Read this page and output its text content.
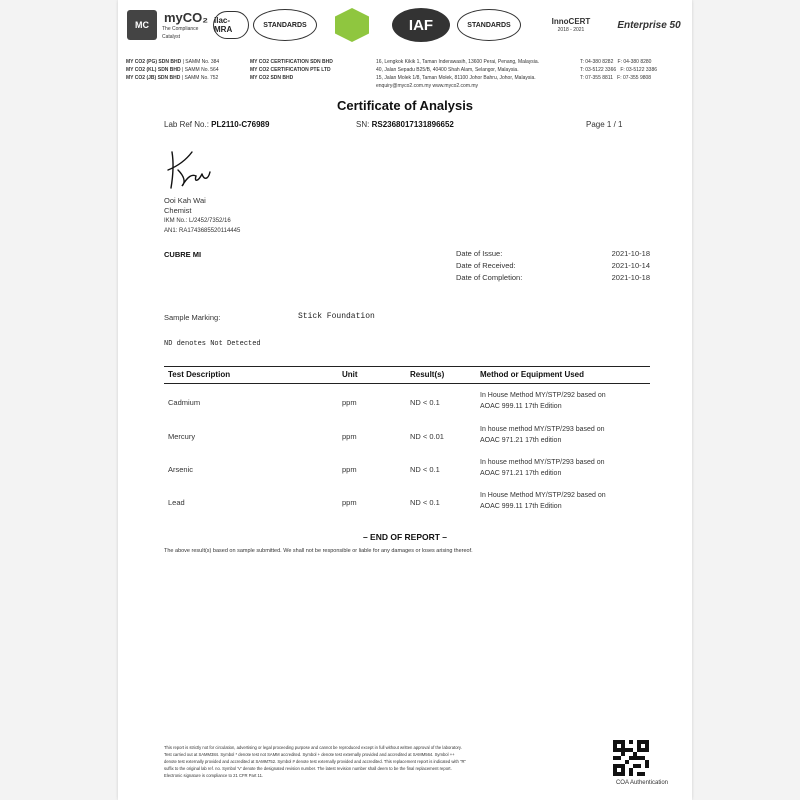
MC
myCO₂
The Compliance Catalyst
ilac-MRA	STANDARDS	IAF	STANDARDS	InnoCERT
2018 - 2021	Enterprise 50
MY CO2 (PG) SDN BHD | SAMM No. 384
MY CO2 (KL) SDN BHD | SAMM No. 564
MY CO2 (JB) SDN BHD | SAMM No. 752
MY CO2 CERTIFICATION SDN BHD
MY CO2 CERTIFICATION PTE LTD
MY CO2 SDN BHD
16, Lengkok Kikik 1, Taman Inderawasih, 13600 Perai, Penang, Malaysia.
40, Jalan Sepadu B25/B, 40400 Shah Alam, Selangor, Malaysia.
15, Jalan Molek 1/8, Taman Molek, 81100 Johor Bahru, Johor, Malaysia.
enquiry@myco2.com.my www.myco2.com.my
T: 04-380 8282 F: 04-380 8280
T: 03-5122 3366 F: 03-5122 3386
T: 07-355 8811 F: 07-355 9808
Certificate of Analysis
Lab Ref No.: PL2110-C76989	SN: RS2368017131896652	Page 1 / 1
Ooi Kah Wai
Chemist
IKM No.: L/2452/7352/16
AN1: RA1743685520114445
CUBRE MI	Date of Issue:	2021-10-18
Date of Received:	2021-10-14
Date of Completion:	2021-10-18
Sample Marking:	Stick Foundation
ND denotes Not Detected
Test Description	Unit	Result(s)	Method or Equipment Used
Cadmium	ppm	ND < 0.1
In House Method MY/STP/292 based on
AOAC 999.11 17th Edition
Mercury	ppm	ND < 0.01
In house method MY/STP/293 based on
AOAC 971.21 17th edition
Arsenic	ppm	ND < 0.1
In house method MY/STP/293 based on
AOAC 971.21 17th edition
Lead	ppm	ND < 0.1
In House Method MY/STP/292 based on
AOAC 999.11 17th Edition
– END OF REPORT –
The above result(s) based on sample submitted. We shall not be responsible or liable for any damages or loses arising thereof.
This report is strictly not for circulation, advertising or legal proceeding purpose and cannot be reproduced except in full without written approval of the laboratory.
Test carried out at SAMM384. Symbol * denote test not SAMM accredited. Symbol + denote test externally provided and accredited at SAMM564. Symbol ++
denote test externally provided and accredited at SAMM752. Symbol # denote test externally provided and accredited. This replacement report is indicated with "R"
suffix to the original lab ref. no. Symbol 'V' denote the designated revision number. The latest revision number shall deem to be the final replacement report.
Electronic signature is compliance to 21 CFR Part 11.
COA Authentication
